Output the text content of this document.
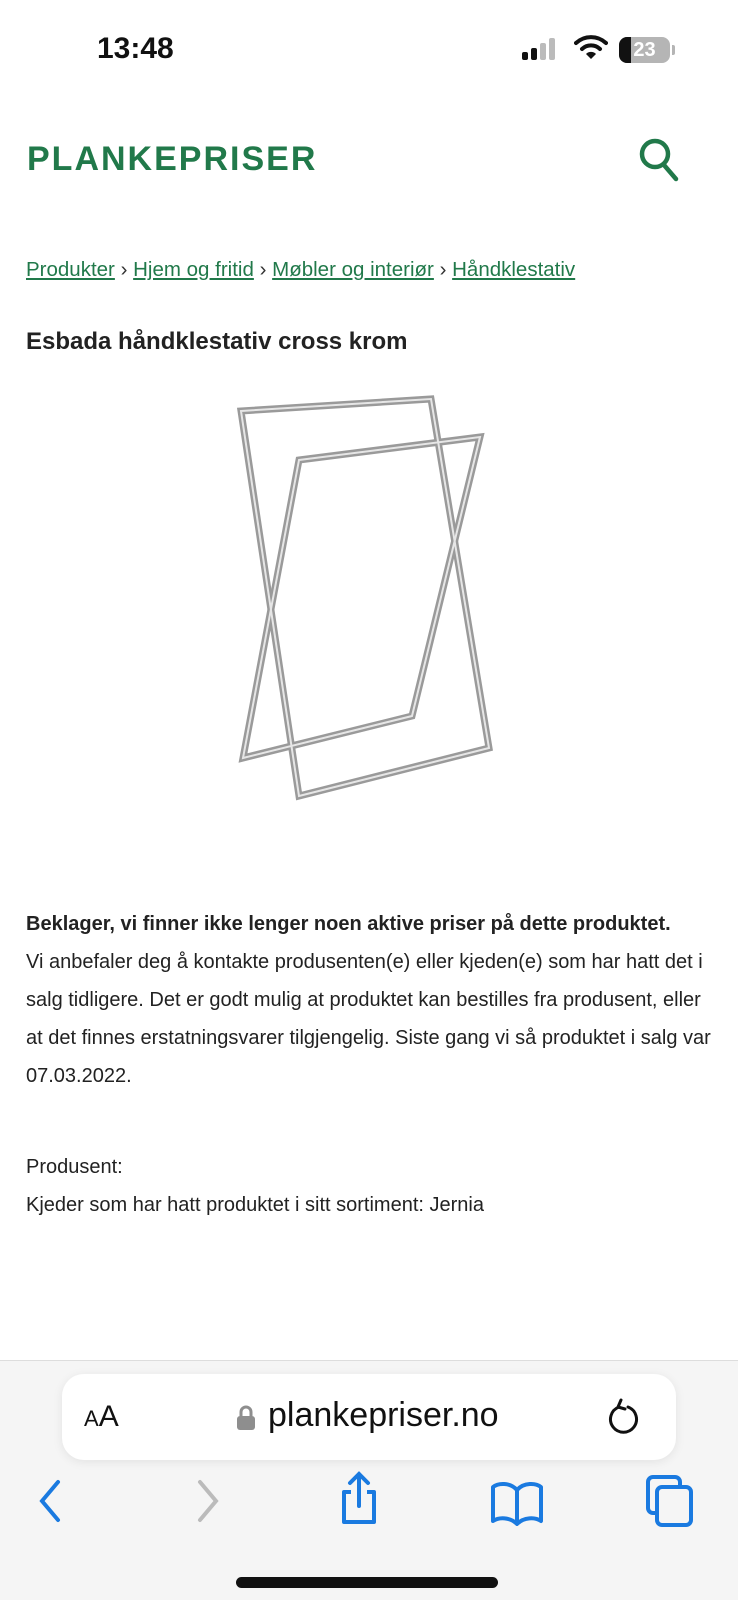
13:48	23
PLANKEPRISER
Produkter › Hjem og fritid › Møbler og interiør › Håndklestativ
Esbada håndklestativ cross krom
Beklager, vi finner ikke lenger noen aktive priser på dette produktet.

Vi anbefaler deg å kontakte produsenten(e) eller kjeden(e) som har hatt det i salg tidligere. Det er godt mulig at produktet kan bestilles fra produsent, eller at det finnes erstatningsvarer tilgjengelig. Siste gang vi så produktet i salg var 07.03.2022.

Produsent:

Kjeder som har hatt produktet i sitt sortiment: Jernia

AA	plankepriser.no
